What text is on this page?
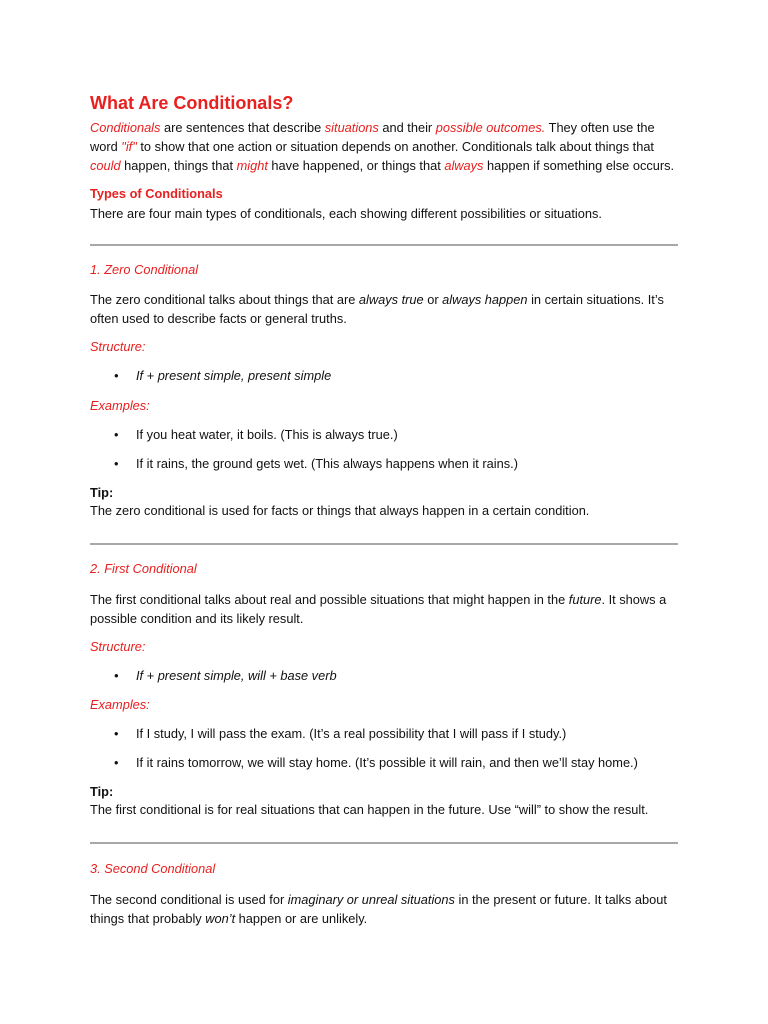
What Are Conditionals?

Conditionals are sentences that describe situations and their possible outcomes. They often use the word "if" to show that one action or situation depends on another. Conditionals talk about things that could happen, things that might have happened, or things that always happen if something else occurs.

Types of Conditionals

There are four main types of conditionals, each showing different possibilities or situations.

1. Zero Conditional

The zero conditional talks about things that are always true or always happen in certain situations. It’s often used to describe facts or general truths.

Structure:

• If + present simple, present simple

Examples:

• If you heat water, it boils. (This is always true.)

• If it rains, the ground gets wet. (This always happens when it rains.)

Tip:

The zero conditional is used for facts or things that always happen in a certain condition.

2. First Conditional

The first conditional talks about real and possible situations that might happen in the future. It shows a possible condition and its likely result.

Structure:

• If + present simple, will + base verb

Examples:

• If I study, I will pass the exam. (It’s a real possibility that I will pass if I study.)

• If it rains tomorrow, we will stay home. (It’s possible it will rain, and then we’ll stay home.)

Tip:

The first conditional is for real situations that can happen in the future. Use “will” to show the result.

3. Second Conditional

The second conditional is used for imaginary or unreal situations in the present or future. It talks about things that probably won’t happen or are unlikely.
